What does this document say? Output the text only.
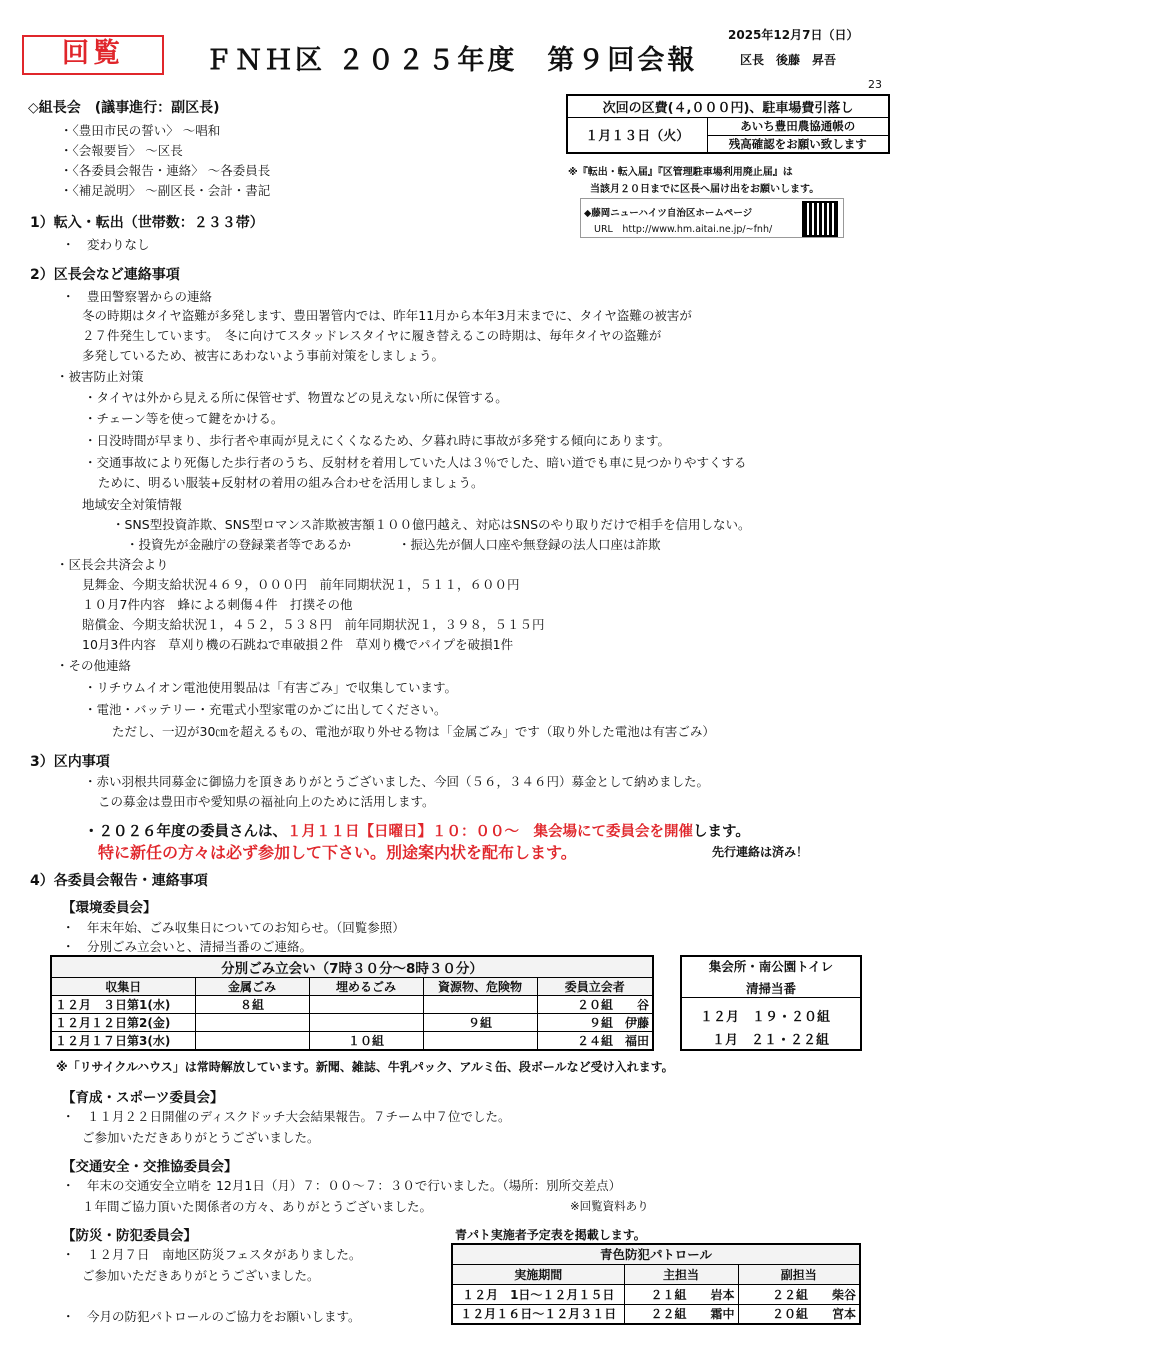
回覧	ＦＮＨ区 ２０２５年度　第９回会報
2025年12月7日（日）
区長　後藤　昇吾
23
次回の区費(４,０００円)、駐車場費引落し
１月１３日（火）	あいち豊田農協通帳の
残高確認をお願い致します
※『転出・転入届』『区管理駐車場利用廃止届』は
当該月２０日までに区長へ届け出をお願いします。
◆藤岡ニューハイツ自治区ホームページ
URL　http://www.hm.aitai.ne.jp/~fnh/
◇組長会　(議事進行：副区長)
・〈豊田市民の誓い〉 〜唱和
・〈会報要旨〉 〜区長
・〈各委員会報告・連絡〉 〜各委員長
・〈補足説明〉 〜副区長・会計・書記
1）転入・転出（世帯数：２３３帯）
・　変わりなし
2）区長会など連絡事項
・　豊田警察署からの連絡
冬の時期はタイヤ盗難が多発します、豊田署管内では、昨年11月から本年3月末までに、タイヤ盗難の被害が
２７件発生しています。　冬に向けてスタッドレスタイヤに履き替えるこの時期は、毎年タイヤの盗難が
多発しているため、被害にあわないよう事前対策をしましょう。
・被害防止対策
・タイヤは外から見える所に保管せず、物置などの見えない所に保管する。
・チェーン等を使って鍵をかける。
・日没時間が早まり、歩行者や車両が見えにくくなるため、夕暮れ時に事故が多発する傾向にあります。
・交通事故により死傷した歩行者のうち、反射材を着用していた人は３％でした、暗い道でも車に見つかりやすくする
ために、明るい服装+反射材の着用の組み合わせを活用しましょう。
地域安全対策情報
・SNS型投資詐欺、SNS型ロマンス詐欺被害額１００億円越え、対応はSNSのやり取りだけで相手を信用しない。
・投資先が金融庁の登録業者等であるか	・振込先が個人口座や無登録の法人口座は詐欺
・区長会共済会より
見舞金、今期支給状況４６９，０００円　前年同期状況１，５１１，６００円
１０月7件内容　蜂による刺傷４件　打撲その他
賠償金、今期支給状況１，４５２，５３８円　前年同期状況１，３９８，５１５円
10月3件内容　草刈り機の石跳ねで車破損２件　草刈り機でパイプを破損1件
・その他連絡
・リチウムイオン電池使用製品は「有害ごみ」で収集しています。
・電池・バッテリー・充電式小型家電のかごに出してください。
ただし、一辺が30㎝を超えるもの、電池が取り外せる物は「金属ごみ」です（取り外した電池は有害ごみ）
3）区内事項
・赤い羽根共同募金に御協力を頂きありがとうございました、今回（５６，３４６円）募金として納めました。
この募金は豊田市や愛知県の福祉向上のために活用します。
・２０２６年度の委員さんは、１月１１日【日曜日】１０：００〜　集会場にて委員会を開催します。
特に新任の方々は必ず参加して下さい。別途案内状を配布します。	先行連絡は済み！
4）各委員会報告・連絡事項
【環境委員会】
・　年末年始、ごみ収集日についてのお知らせ。（回覧参照）
・　分別ごみ立会いと、清掃当番のご連絡。
分別ごみ立会い（7時３０分〜8時３０分）				
収集日	金属ごみ	埋めるごみ	資源物、危険物	委員立会者
１２月　３日第1(水)	８組			２０組　　谷
１２月１２日第2(金)			９組	９組　伊藤
１２月１７日第3(水)		１０組		２４組　福田
集会所・南公園トイレ
清掃当番
１２月　１９・２０組
１月　２１・２２組
※「リサイクルハウス」は常時解放しています。新聞、雑誌、牛乳パック、アルミ缶、段ボールなど受け入れます。
【育成・スポーツ委員会】
・　１１月２２日開催のディスクドッチ大会結果報告。７チーム中７位でした。
ご参加いただきありがとうございました。
【交通安全・交推協委員会】
・　年末の交通安全立哨を 12月1日（月）７：００〜７：３０で行いました。（場所：別所交差点）
１年間ご協力頂いた関係者の方々、ありがとうございました。	※回覧資料あり
【防災・防犯委員会】
・　１２月７日　南地区防災フェスタがありました。
ご参加いただきありがとうございました。
・　今月の防犯パトロールのご協力をお願いします。
青パト実施者予定表を掲載します。
青色防犯パトロール		
実施期間	主担当	副担当
１２月　1日〜１２月１５日	２１組　　岩本	２２組　　柴谷
１２月１６日〜１２月３１日	２２組　　霜中	２０組　　宮本
